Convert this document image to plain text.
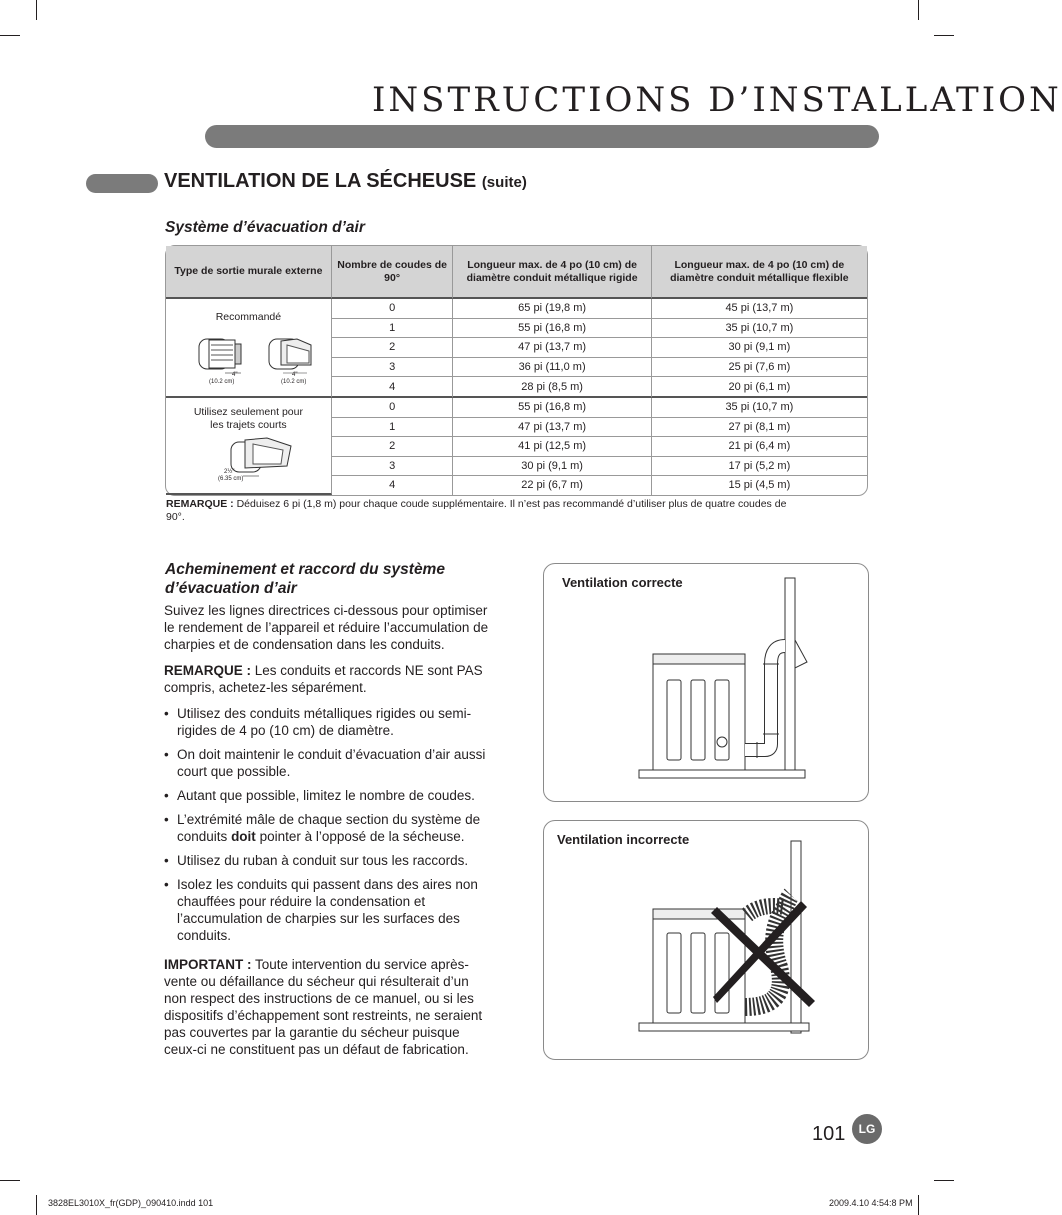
INSTRUCTIONS D’INSTALLATION
VENTILATION DE LA SÉCHEUSE (suite)
Système d’évacuation d’air
Type de sortie murale externe	Nombre de coudes de 90°	Longueur max. de 4 po (10 cm) de diamètre conduit métallique rigide	Longueur max. de 4 po (10 cm) de diamètre conduit métallique flexible

Recommandé
4"
(10.2 cm)
4"
(10.2 cm)	0	65 pi (19,8 m)	45 pi (13,7 m)
	1	55 pi (16,8 m)	35 pi (10,7 m)
	2	47 pi (13,7 m)	30 pi (9,1 m)
	3	36 pi (11,0 m)	25 pi (7,6 m)
	4	28 pi (8,5 m)	20 pi (6,1 m)

Utilisez seulement pour les trajets courts
2½"
(6.35 cm)	0	55 pi (16,8 m)	35 pi (10,7 m)
	1	47 pi (13,7 m)	27 pi (8,1 m)
	2	41 pi (12,5 m)	21 pi (6,4 m)
	3	30 pi (9,1 m)	17 pi (5,2 m)
	4	22 pi (6,7 m)	15 pi (4,5 m)
REMARQUE : Déduisez 6 pi (1,8 m) pour chaque coude supplémentaire. Il n’est pas recommandé d’utiliser plus de quatre coudes de 90°.
Acheminement et raccord du système
d’évacuation d’air

Suivez les lignes directrices ci-dessous pour optimiser le rendement de l’appareil et réduire l’accumulation de charpies et de condensation dans les conduits.

REMARQUE : Les conduits et raccords NE sont PAS compris, achetez-les séparément.

• Utilisez des conduits métalliques rigides ou semi-rigides de 4 po (10 cm) de diamètre.
• On doit maintenir le conduit d’évacuation d’air aussi court que possible.
• Autant que possible, limitez le nombre de coudes.
• L’extrémité mâle de chaque section du système de conduits doit pointer à l’opposé de la sécheuse.
• Utilisez du ruban à conduit sur tous les raccords.
• Isolez les conduits qui passent dans des aires non chauffées pour réduire la condensation et l’accumulation de charpies sur les surfaces des conduits.

IMPORTANT : Toute intervention du service après-vente ou défaillance du sécheur qui résulterait d’un non respect des instructions de ce manuel, ou si les dispositifs d’échappement sont restreints, ne seraient pas couvertes par la garantie du sécheur puisque ceux-ci ne constituent pas un défaut de fabrication.

Ventilation correcte
Ventilation incorrecte
101	LG
3828EL3010X_fr(GDP)_090410.indd 101	2009.4.10 4:54:8 PM
